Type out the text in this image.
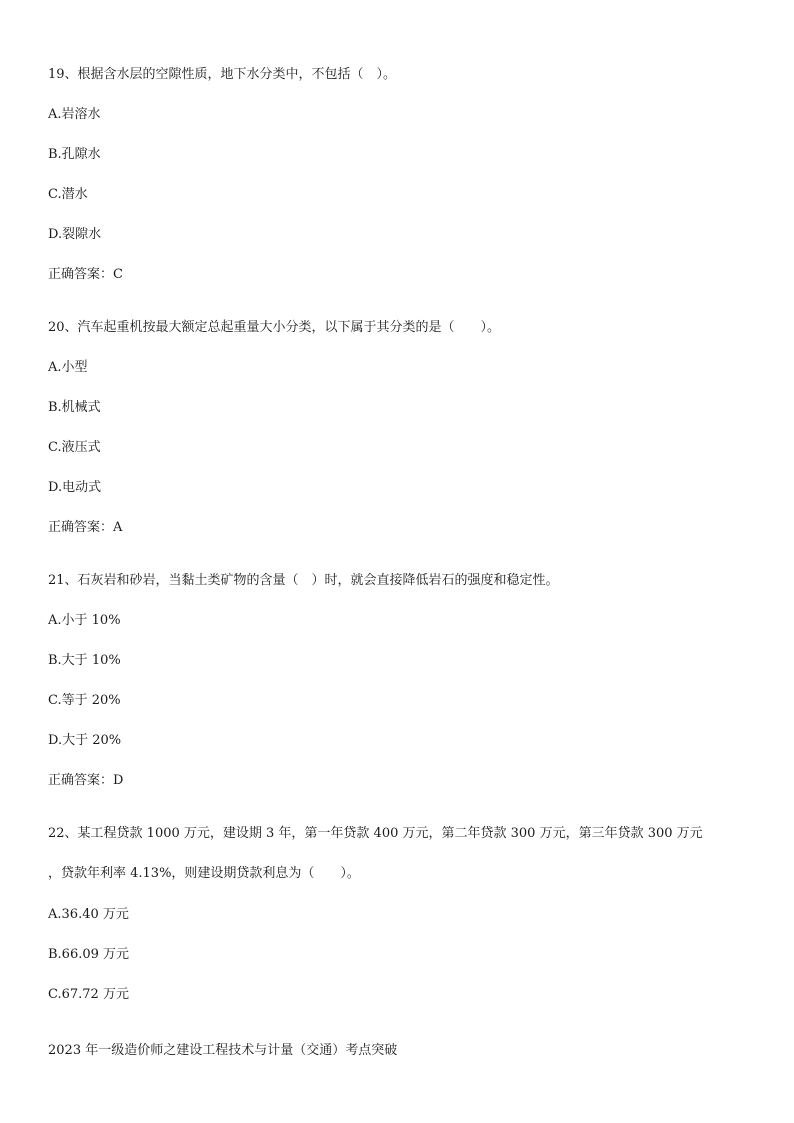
19、根据含水层的空隙性质，地下水分类中，不包括（　）。
A.岩溶水
B.孔隙水
C.潜水
D.裂隙水
正确答案：C
20、汽车起重机按最大额定总起重量大小分类，以下属于其分类的是（　　）。
A.小型
B.机械式
C.液压式
D.电动式
正确答案：A
21、石灰岩和砂岩，当黏土类矿物的含量（　）时，就会直接降低岩石的强度和稳定性。
A.小于 10%
B.大于 10%
C.等于 20%
D.大于 20%
正确答案：D
22、某工程贷款 1000 万元，建设期 3 年，第一年贷款 400 万元，第二年贷款 300 万元，第三年贷款 300 万元
，贷款年利率 4.13%，则建设期贷款利息为（　　）。
A.36.40 万元
B.66.09 万元
C.67.72 万元
2023 年一级造价师之建设工程技术与计量（交通）考点突破
